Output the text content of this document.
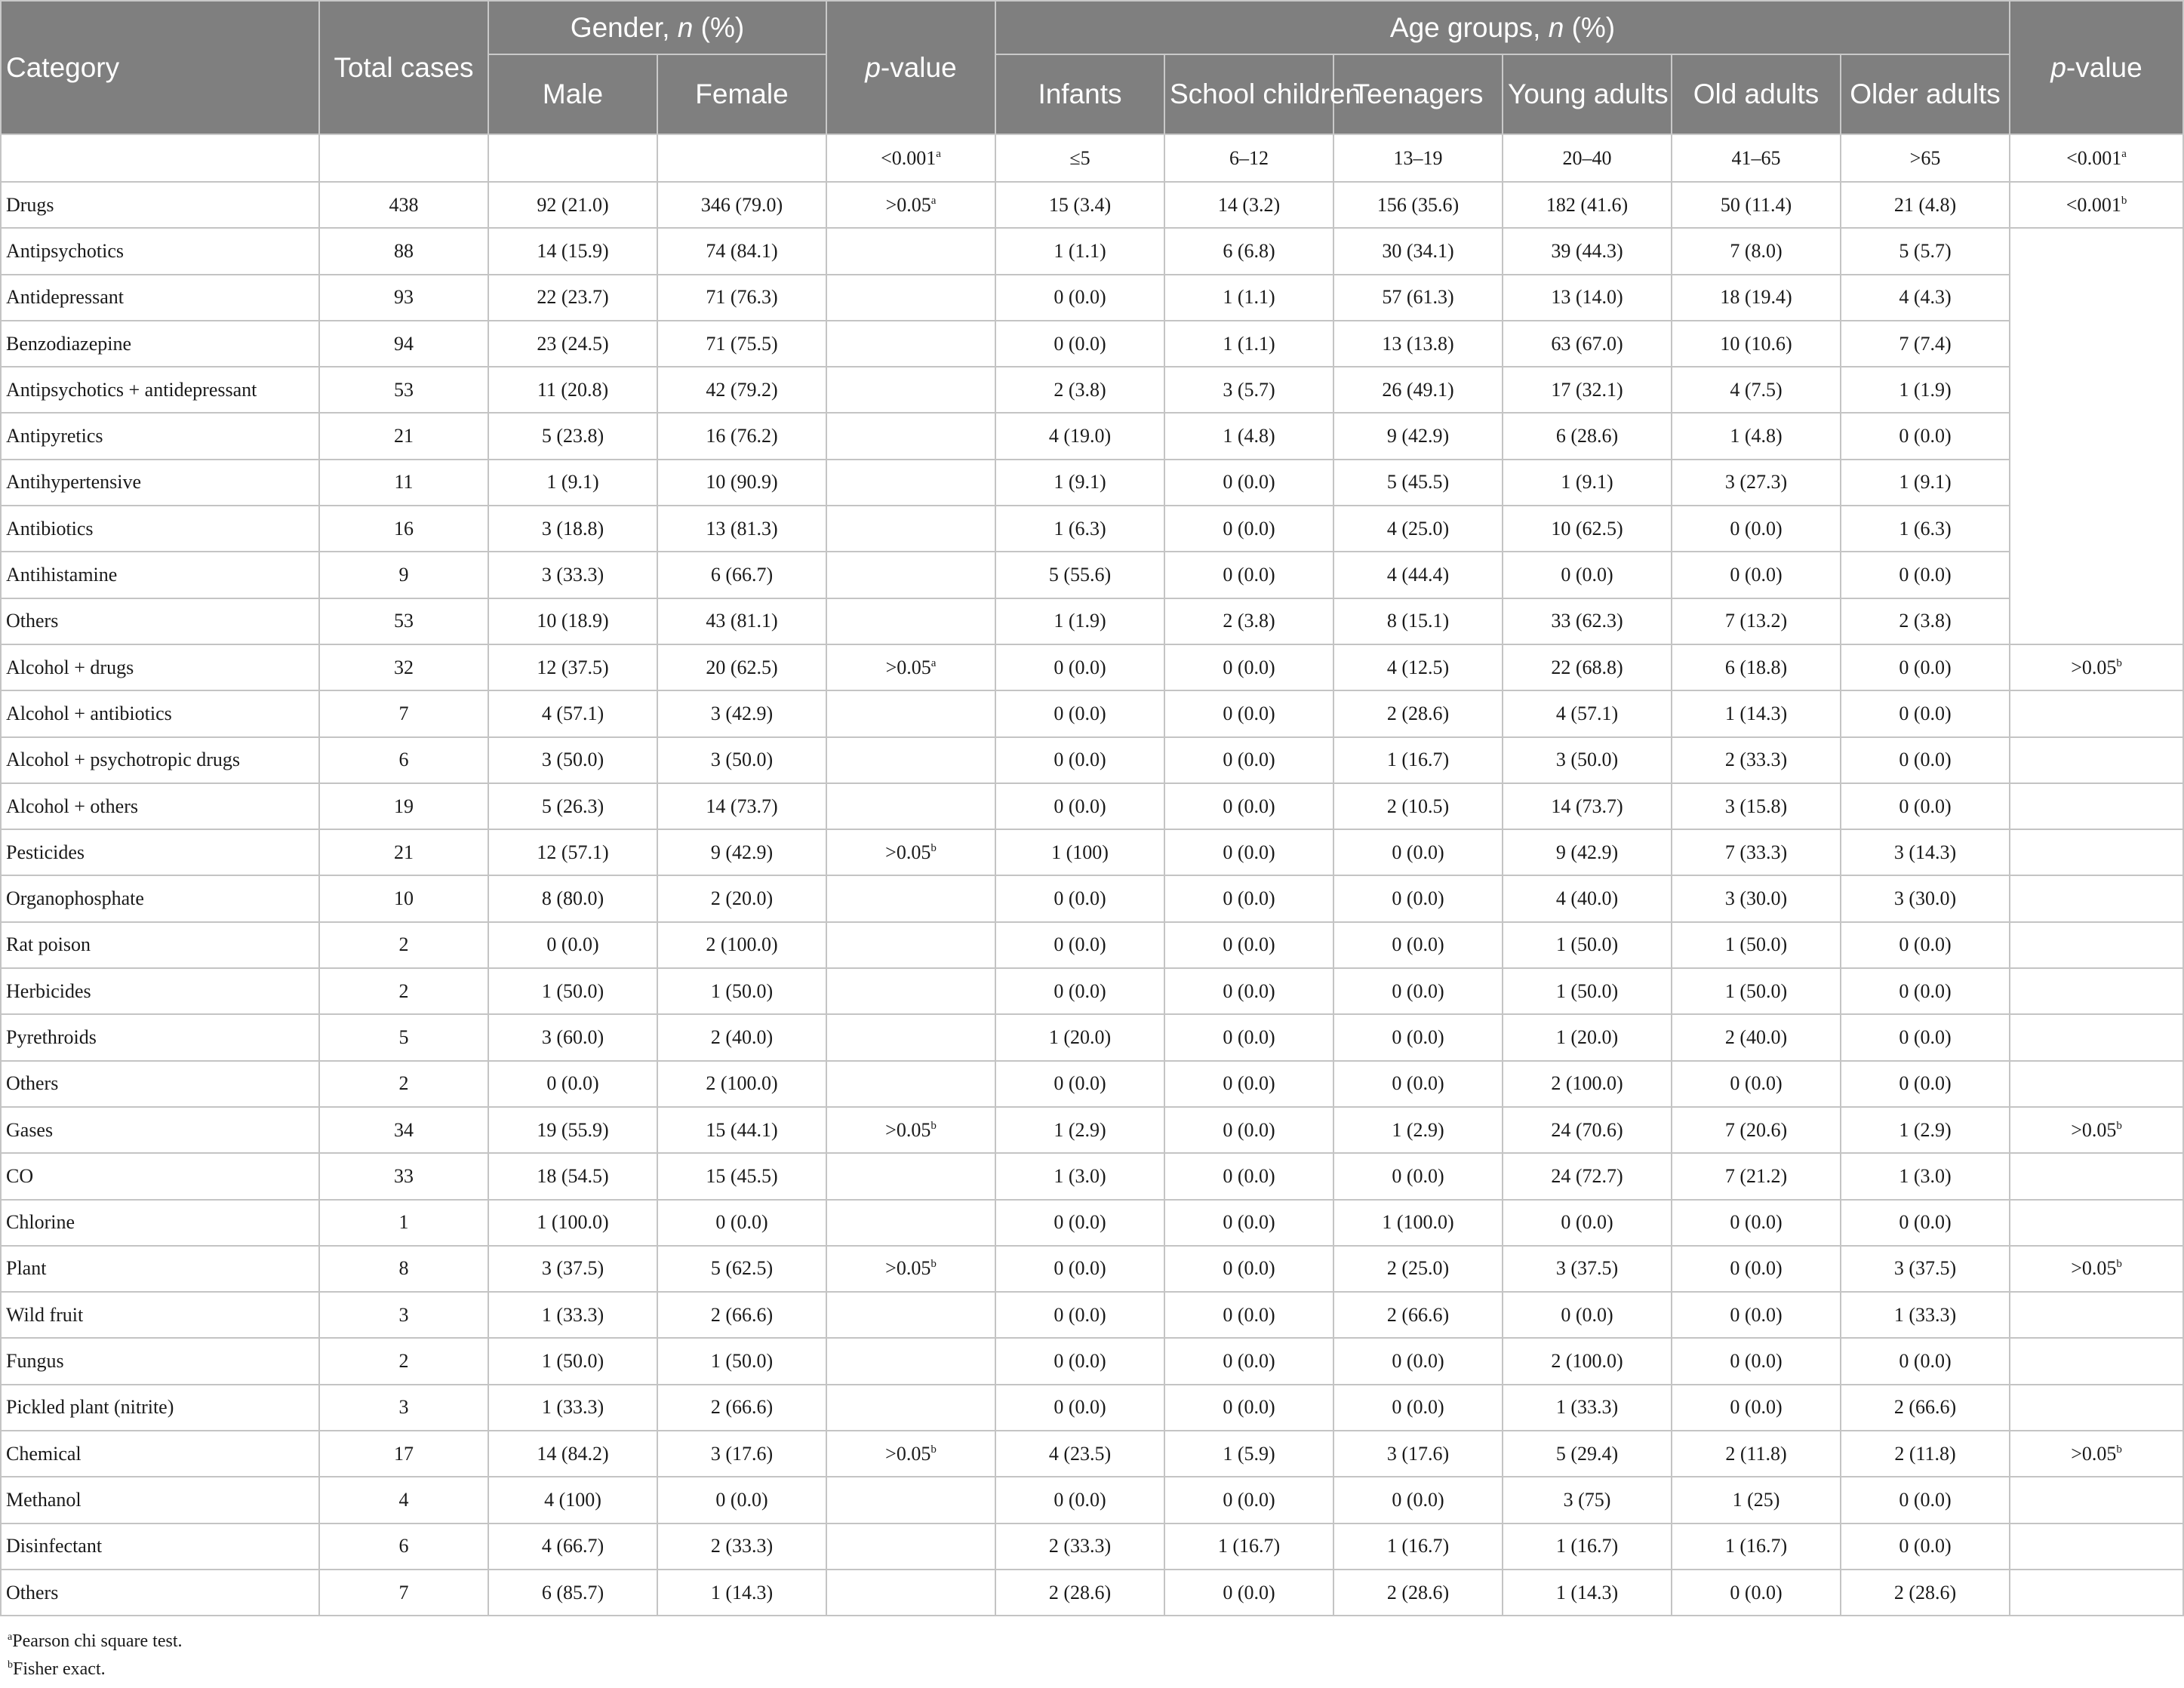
Category	Total cases	Gender, n (%)		p-value	Age groups, n (%)						p-value
		Male	Female		Infants	School children	Teenagers	Young adults	Old adults	Older adults	
				<0.001$^a$	≤5	6–12	13–19	20–40	41–65	>65	<0.001$^a$
Drugs	438	92 (21.0)	346 (79.0)	>0.05$^a$	15 (3.4)	14 (3.2)	156 (35.6)	182 (41.6)	50 (11.4)	21 (4.8)	<0.001$^b$
Antipsychotics	88	14 (15.9)	74 (84.1)		1 (1.1)	6 (6.8)	30 (34.1)	39 (44.3)	7 (8.0)	5 (5.7)	
Antidepressant	93	22 (23.7)	71 (76.3)		0 (0.0)	1 (1.1)	57 (61.3)	13 (14.0)	18 (19.4)	4 (4.3)	
Benzodiazepine	94	23 (24.5)	71 (75.5)		0 (0.0)	1 (1.1)	13 (13.8)	63 (67.0)	10 (10.6)	7 (7.4)	
Antipsychotics + antidepressant	53	11 (20.8)	42 (79.2)		2 (3.8)	3 (5.7)	26 (49.1)	17 (32.1)	4 (7.5)	1 (1.9)	
Antipyretics	21	5 (23.8)	16 (76.2)		4 (19.0)	1 (4.8)	9 (42.9)	6 (28.6)	1 (4.8)	0 (0.0)	
Antihypertensive	11	1 (9.1)	10 (90.9)		1 (9.1)	0 (0.0)	5 (45.5)	1 (9.1)	3 (27.3)	1 (9.1)	
Antibiotics	16	3 (18.8)	13 (81.3)		1 (6.3)	0 (0.0)	4 (25.0)	10 (62.5)	0 (0.0)	1 (6.3)	
Antihistamine	9	3 (33.3)	6 (66.7)		5 (55.6)	0 (0.0)	4 (44.4)	0 (0.0)	0 (0.0)	0 (0.0)	
Others	53	10 (18.9)	43 (81.1)		1 (1.9)	2 (3.8)	8 (15.1)	33 (62.3)	7 (13.2)	2 (3.8)	
Alcohol + drugs	32	12 (37.5)	20 (62.5)	>0.05$^a$	0 (0.0)	0 (0.0)	4 (12.5)	22 (68.8)	6 (18.8)	0 (0.0)	>0.05$^b$
Alcohol + antibiotics	7	4 (57.1)	3 (42.9)		0 (0.0)	0 (0.0)	2 (28.6)	4 (57.1)	1 (14.3)	0 (0.0)	
Alcohol + psychotropic drugs	6	3 (50.0)	3 (50.0)		0 (0.0)	0 (0.0)	1 (16.7)	3 (50.0)	2 (33.3)	0 (0.0)	
Alcohol + others	19	5 (26.3)	14 (73.7)		0 (0.0)	0 (0.0)	2 (10.5)	14 (73.7)	3 (15.8)	0 (0.0)	
Pesticides	21	12 (57.1)	9 (42.9)	>0.05$^b$	1 (100)	0 (0.0)	0 (0.0)	9 (42.9)	7 (33.3)	3 (14.3)	
Organophosphate	10	8 (80.0)	2 (20.0)		0 (0.0)	0 (0.0)	0 (0.0)	4 (40.0)	3 (30.0)	3 (30.0)	
Rat poison	2	0 (0.0)	2 (100.0)		0 (0.0)	0 (0.0)	0 (0.0)	1 (50.0)	1 (50.0)	0 (0.0)	
Herbicides	2	1 (50.0)	1 (50.0)		0 (0.0)	0 (0.0)	0 (0.0)	1 (50.0)	1 (50.0)	0 (0.0)	
Pyrethroids	5	3 (60.0)	2 (40.0)		1 (20.0)	0 (0.0)	0 (0.0)	1 (20.0)	2 (40.0)	0 (0.0)	
Others	2	0 (0.0)	2 (100.0)		0 (0.0)	0 (0.0)	0 (0.0)	2 (100.0)	0 (0.0)	0 (0.0)	
Gases	34	19 (55.9)	15 (44.1)	>0.05$^b$	1 (2.9)	0 (0.0)	1 (2.9)	24 (70.6)	7 (20.6)	1 (2.9)	>0.05$^b$
CO	33	18 (54.5)	15 (45.5)		1 (3.0)	0 (0.0)	0 (0.0)	24 (72.7)	7 (21.2)	1 (3.0)	
Chlorine	1	1 (100.0)	0 (0.0)		0 (0.0)	0 (0.0)	1 (100.0)	0 (0.0)	0 (0.0)	0 (0.0)	
Plant	8	3 (37.5)	5 (62.5)	>0.05$^b$	0 (0.0)	0 (0.0)	2 (25.0)	3 (37.5)	0 (0.0)	3 (37.5)	>0.05$^b$
Wild fruit	3	1 (33.3)	2 (66.6)		0 (0.0)	0 (0.0)	2 (66.6)	0 (0.0)	0 (0.0)	1 (33.3)	
Fungus	2	1 (50.0)	1 (50.0)		0 (0.0)	0 (0.0)	0 (0.0)	2 (100.0)	0 (0.0)	0 (0.0)	
Pickled plant (nitrite)	3	1 (33.3)	2 (66.6)		0 (0.0)	0 (0.0)	0 (0.0)	1 (33.3)	0 (0.0)	2 (66.6)	
Chemical	17	14 (84.2)	3 (17.6)	>0.05$^b$	4 (23.5)	1 (5.9)	3 (17.6)	5 (29.4)	2 (11.8)	2 (11.8)	>0.05$^b$
Methanol	4	4 (100)	0 (0.0)		0 (0.0)	0 (0.0)	0 (0.0)	3 (75)	1 (25)	0 (0.0)	
Disinfectant	6	4 (66.7)	2 (33.3)		2 (33.3)	1 (16.7)	1 (16.7)	1 (16.7)	1 (16.7)	0 (0.0)	
Others	7	6 (85.7)	1 (14.3)		2 (28.6)	0 (0.0)	2 (28.6)	1 (14.3)	0 (0.0)	2 (28.6)	
$^a$Pearson chi square test.
$^b$Fisher exact.
